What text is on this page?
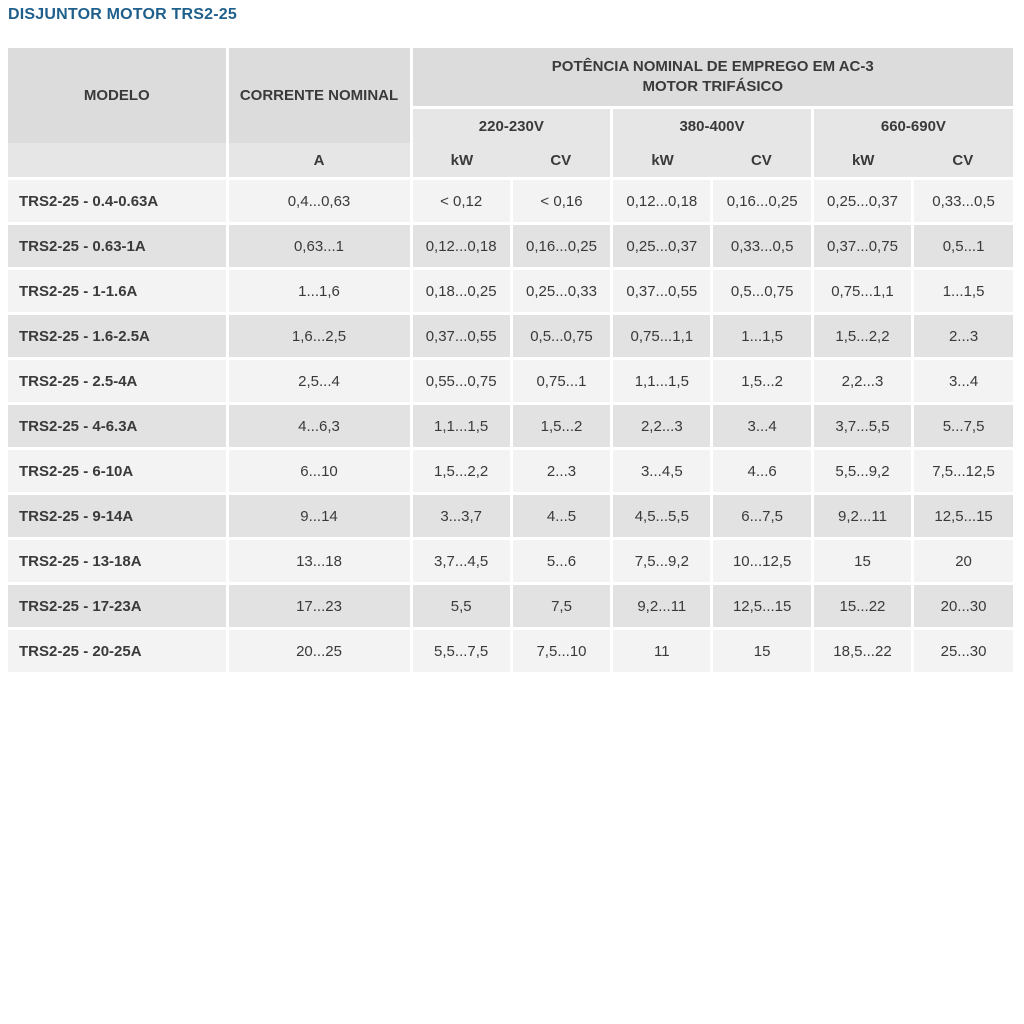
DISJUNTOR MOTOR TRS2-25
MODELO	CORRENTE NOMINAL	POTÊNCIA NOMINAL DE EMPREGO EM AC-3
MOTOR TRIFÁSICO					

		220-230V		380-400V		660-690V	
	A	kW	CV	kW	CV	kW	CV
TRS2-25 - 0.4-0.63A	0,4...0,63	< 0,12	< 0,16	0,12...0,18	0,16...0,25	0,25...0,37	0,33...0,5
TRS2-25 - 0.63-1A	0,63...1	0,12...0,18	0,16...0,25	0,25...0,37	0,33...0,5	0,37...0,75	0,5...1
TRS2-25 - 1-1.6A	1...1,6	0,18...0,25	0,25...0,33	0,37...0,55	0,5...0,75	0,75...1,1	1...1,5
TRS2-25 - 1.6-2.5A	1,6...2,5	0,37...0,55	0,5...0,75	0,75...1,1	1...1,5	1,5...2,2	2...3
TRS2-25 - 2.5-4A	2,5...4	0,55...0,75	0,75...1	1,1...1,5	1,5...2	2,2...3	3...4
TRS2-25 - 4-6.3A	4...6,3	1,1...1,5	1,5...2	2,2...3	3...4	3,7...5,5	5...7,5
TRS2-25 - 6-10A	6...10	1,5...2,2	2...3	3...4,5	4...6	5,5...9,2	7,5...12,5
TRS2-25 - 9-14A	9...14	3...3,7	4...5	4,5...5,5	6...7,5	9,2...11	12,5...15
TRS2-25 - 13-18A	13...18	3,7...4,5	5...6	7,5...9,2	10...12,5	15	20
TRS2-25 - 17-23A	17...23	5,5	7,5	9,2...11	12,5...15	15...22	20...30
TRS2-25 - 20-25A	20...25	5,5...7,5	7,5...10	11	15	18,5...22	25...30
